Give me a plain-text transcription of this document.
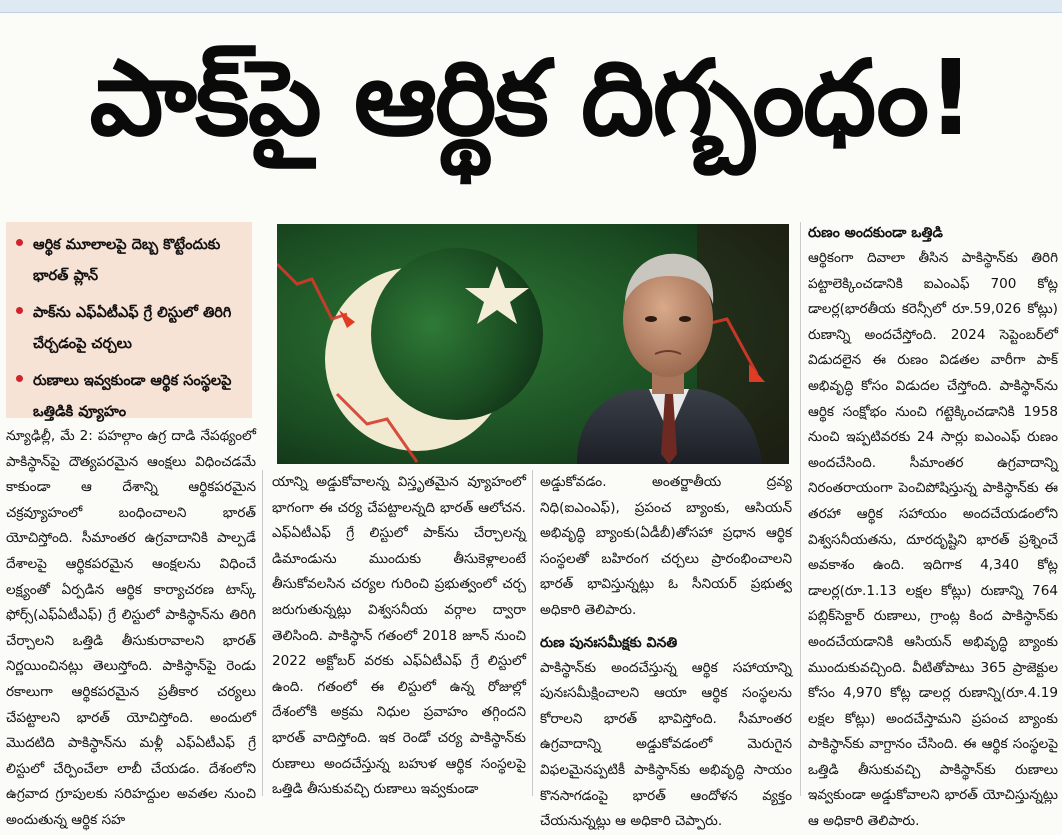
పాక్‌పై ఆర్థిక దిగ్బంధం!
ఆర్థిక మూలాలపై దెబ్బ కొట్టేందుకు భారత్‌ ప్లాన్‌
పాక్‌ను ఎఫ్‌ఏటీఎఫ్‌ గ్రే లిస్టులో తిరిగి చేర్చడంపై చర్చలు
రుణాలు ఇవ్వకుండా ఆర్థిక సంస్థలపై ఒత్తిడికి వ్యూహం

న్యూఢిల్లీ, మే 2: పహల్గాం ఉగ్ర దాడి నేపథ్యంలో పాకిస్థాన్‌పై దౌత్యపరమైన ఆంక్షలు విధించడమే కాకుండా ఆ దేశాన్ని ఆర్థికపరమైన చక్రవ్యూహంలో బంధించాలని భారత్‌ యోచిస్తోంది. సీమాంతర ఉగ్రవాదానికి పాల్పడే దేశాలపై ఆర్థికపరమైన ఆంక్షలను విధించే లక్ష్యంతో ఏర్పడిన ఆర్థిక కార్యాచరణ టాస్క్‌ ఫోర్స్‌(ఎఫ్‌ఏటీఎఫ్‌) గ్రే లిస్టులో పాకిస్థాన్‌ను తిరిగి చేర్చాలని ఒత్తిడి తీసుకురావాలని భారత్‌ నిర్ణయించినట్లు తెలుస్తోంది. పాకిస్థాన్‌పై రెండు రకాలుగా ఆర్థికపరమైన ప్రతీకార చర్యలు చేపట్టాలని భారత్‌ యోచిస్తోంది. అందులో మొదటిది పాకిస్థాన్‌ను మళ్లీ ఎఫ్‌ఏటీఎఫ్‌ గ్రే లిస్టులో చేర్పించేలా లాబీ చేయడం. దేశంలోని ఉగ్రవాద గ్రూపులకు సరిహద్దుల అవతల నుంచి అందుతున్న ఆర్థిక సహ

యాన్ని అడ్డుకోవాలన్న విస్తృతమైన వ్యూహంలో భాగంగా ఈ చర్య చేపట్టాలన్నది భారత్‌ ఆలోచన. ఎఫ్‌ఏటీఎఫ్‌ గ్రే లిస్టులో పాక్‌ను చేర్చాలన్న డిమాండును ముందుకు తీసుకెళ్లాలంటే తీసుకోవలసిన చర్యల గురించి ప్రభుత్వంలో చర్చ జరుగుతున్నట్లు విశ్వసనీయ వర్గాల ద్వారా తెలిసింది. పాకిస్థాన్‌ గతంలో 2018 జూన్‌ నుంచి 2022 అక్టోబర్‌ వరకు ఎఫ్‌ఏటీఎఫ్‌ గ్రే లిస్టులో ఉంది. గతంలో ఈ లిస్టులో ఉన్న రోజుల్లో దేశంలోకి అక్రమ నిధుల ప్రవాహం తగ్గిందని భారత్‌ వాదిస్తోంది. ఇక రెండో చర్య పాకిస్థాన్‌కు రుణాలు అందచేస్తున్న బహుళ ఆర్థిక సంస్థలపై ఒత్తిడి తీసుకువచ్చి రుణాలు ఇవ్వకుండా

అడ్డుకోవడం. అంతర్జాతీయ ద్రవ్య నిధి(ఐఎంఎఫ్‌), ప్రపంచ బ్యాంకు, ఆసియన్‌ అభివృద్ధి బ్యాంకు(ఏడీబీ)తోసహా ప్రధాన ఆర్థిక సంస్థలతో బహిరంగ చర్చలు ప్రారంభించాలని భారత్‌ భావిస్తున్నట్లు ఓ సీనియర్‌ ప్రభుత్వ అధికారి తెలిపారు.

రుణ పునఃసమీక్షకు వినతి

పాకిస్థాన్‌కు అందచేస్తున్న ఆర్థిక సహాయాన్ని పునఃసమీక్షించాలని ఆయా ఆర్థిక సంస్థలను కోరాలని భారత్‌ భావిస్తోంది. సీమాంతర ఉగ్రవాదాన్ని అడ్డుకోవడంలో మెరుగైన విఫలమైనప్పటికీ పాకిస్థాన్‌కు అభివృద్ధి సాయం కొనసాగడంపై భారత్‌ ఆందోళన వ్యక్తం చేయనున్నట్లు ఆ అధికారి చెప్పారు.

రుణం అందకుండా ఒత్తిడి

ఆర్థికంగా దివాలా తీసిన పాకిస్థాన్‌కు తిరిగి పట్టాలెక్కించడానికి ఐఎంఎఫ్‌ 700 కోట్ల డాలర్ల(భారతీయ కరెన్సీలో రూ.59,026 కోట్లు) రుణాన్ని అందచేస్తోంది. 2024 సెప్టెంబర్‌లో విడుదలైన ఈ రుణం విడతల వారీగా పాక్‌ అభివృద్ధి కోసం విడుదల చేస్తోంది. పాకిస్థాన్‌ను ఆర్థిక సంక్షోభం నుంచి గట్టెక్కించడానికి 1958 నుంచి ఇప్పటివరకు 24 సార్లు ఐఎంఎఫ్‌ రుణం అందచేసింది. సీమాంతర ఉగ్రవాదాన్ని నిరంతరాయంగా పెంచిపోషిస్తున్న పాకిస్థాన్‌కు ఈ తరహా ఆర్థిక సహాయం అందచేయడంలోని విశ్వసనీయతను, దూరదృష్టిని భారత్‌ ప్రశ్నించే అవకాశం ఉంది. ఇదిగాక 4,340 కోట్ల డాలర్ల(రూ.1.13 లక్షల కోట్లు) రుణాన్ని 764 పబ్లిక్‌సెక్టార్‌ రుణాలు, గ్రాంట్ల కింద పాకిస్థాన్‌కు అందచేయడానికి ఆసియన్‌ అభివృద్ధి బ్యాంకు ముందుకువచ్చింది. వీటితోపాటు 365 ప్రాజెక్టుల కోసం 4,970 కోట్ల డాలర్ల రుణాన్ని(రూ.4.19 లక్షల కోట్లు) అందచేస్తామని ప్రపంచ బ్యాంకు పాకిస్థాన్‌కు వాగ్దానం చేసింది. ఈ ఆర్థిక సంస్థలపై ఒత్తిడి తీసుకువచ్చి పాకిస్థాన్‌కు రుణాలు ఇవ్వకుండా అడ్డుకోవాలని భారత్‌ యోచిస్తున్నట్లు ఆ అధికారి తెలిపారు.
